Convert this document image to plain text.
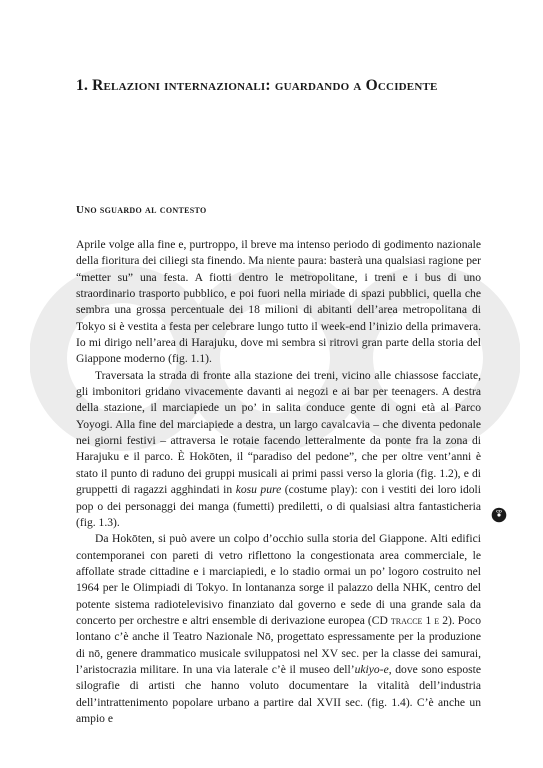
1. Relazioni internazionali: guardando a Occidente
Uno sguardo al contesto

Aprile volge alla fine e, purtroppo, il breve ma intenso periodo di godimento nazionale della fioritura dei ciliegi sta finendo. Ma niente paura: basterà una qualsiasi ragione per “metter su” una festa. A fiotti dentro le metropolitane, i treni e i bus di uno straordinario trasporto pubblico, e poi fuori nella miriade di spazi pubblici, quella che sembra una grossa percentuale dei 18 milioni di abitanti dell’area metropolitana di Tokyo si è vestita a festa per celebrare lungo tutto il week-end l’inizio della primavera. Io mi dirigo nell’area di Harajuku, dove mi sembra si ritrovi gran parte della storia del Giappone moderno (fig. 1.1).

Traversata la strada di fronte alla stazione dei treni, vicino alle chiassose facciate, gli imbonitori gridano vivacemente davanti ai negozi e ai bar per teenagers. A destra della stazione, il marciapiede un po’ in salita conduce gente di ogni età al Parco Yoyogi. Alla fine del marciapiede a destra, un largo cavalcavia – che diventa pedonale nei giorni festivi – attraversa le rotaie facendo letteralmente da ponte fra la zona di Harajuku e il parco. È Hokōten, il “paradiso del pedone”, che per oltre vent’anni è stato il punto di raduno dei gruppi musicali ai primi passi verso la gloria (fig. 1.2), e di gruppetti di ragazzi agghindati in kosu pure (costume play): con i vestiti dei loro idoli pop o dei personaggi dei manga (fumetti) prediletti, o di qualsiasi altra fantasticheria (fig. 1.3).

Da Hokōten, si può avere un colpo d’occhio sulla storia del Giappone. Alti edifici contemporanei con pareti di vetro riflettono la congestionata area commerciale, le affollate strade cittadine e i marciapiedi, e lo stadio ormai un po’ logoro costruito nel 1964 per le Olimpiadi di Tokyo. In lontananza sorge il palazzo della NHK, centro del potente sistema radiotelevisivo finanziato dal governo e sede di una grande sala da concerto per orchestre e altri ensemble di derivazione europea (CD tracce 1 e 2). Poco lontano c’è anche il Teatro Nazionale Nō, progettato espressamente per la produzione di nō, genere drammatico musicale sviluppatosi nel XV sec. per la classe dei samurai, l’aristocrazia militare. In una via laterale c’è il museo dell’ukiyo-e, dove sono esposte silografie di artisti che hanno voluto documentare la vitalità dell’industria dell’intrattenimento popolare urbano a partire dal XVII sec. (fig. 1.4). C’è anche un ampio e

CD
